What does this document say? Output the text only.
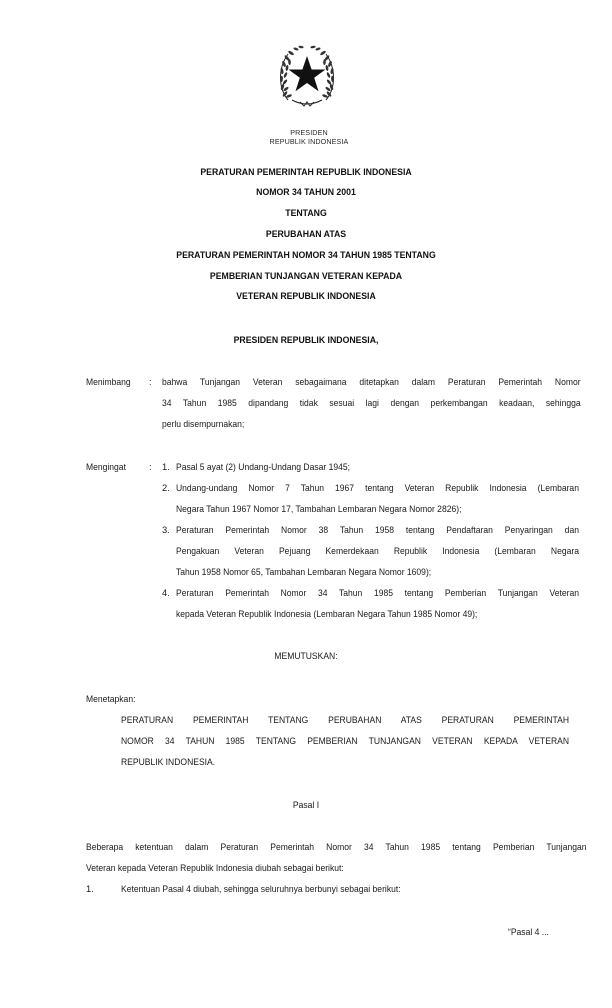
PRESIDEN
REPUBLIK INDONESIA
PERATURAN PEMERINTAH REPUBLIK INDONESIA
NOMOR 34 TAHUN 2001
TENTANG
PERUBAHAN ATAS
PERATURAN PEMERINTAH NOMOR 34 TAHUN 1985 TENTANG
PEMBERIAN TUNJANGAN VETERAN KEPADA
VETERAN REPUBLIK INDONESIA
PRESIDEN REPUBLIK INDONESIA,
Menimbang : bahwa Tunjangan Veteran sebagaimana ditetapkan dalam Peraturan Pemerintah Nomor
34 Tahun 1985 dipandang tidak sesuai lagi dengan perkembangan keadaan, sehingga
perlu disempurnakan;
Mengingat : 1. Pasal 5 ayat (2) Undang-Undang Dasar 1945;
2. Undang-undang Nomor 7 Tahun 1967 tentang Veteran Republik Indonesia (Lembaran
Negara Tahun 1967 Nomor 17, Tambahan Lembaran Negara Nomor 2826);
3. Peraturan Pemerintah Nomor 38 Tahun 1958 tentang Pendaftaran Penyaringan dan
Pengakuan Veteran Pejuang Kemerdekaan Republik Indonesia (Lembaran Negara
Tahun 1958 Nomor 65, Tambahan Lembaran Negara Nomor 1609);
4. Peraturan Pemerintah Nomor 34 Tahun 1985 tentang Pemberian Tunjangan Veteran
kepada Veteran Republik Indonesia (Lembaran Negara Tahun 1985 Nomor 49);
MEMUTUSKAN:
Menetapkan:
PERATURAN PEMERINTAH TENTANG PERUBAHAN ATAS PERATURAN PEMERINTAH
NOMOR 34 TAHUN 1985 TENTANG PEMBERIAN TUNJANGAN VETERAN KEPADA VETERAN
REPUBLIK INDONESIA.
Pasal I
Beberapa ketentuan dalam Peraturan Pemerintah Nomor 34 Tahun 1985 tentang Pemberian Tunjangan
Veteran kepada Veteran Republik Indonesia diubah sebagai berikut:
1.	Ketentuan Pasal 4 diubah, sehingga seluruhnya berbunyi sebagai berikut:
“Pasal 4 ...
